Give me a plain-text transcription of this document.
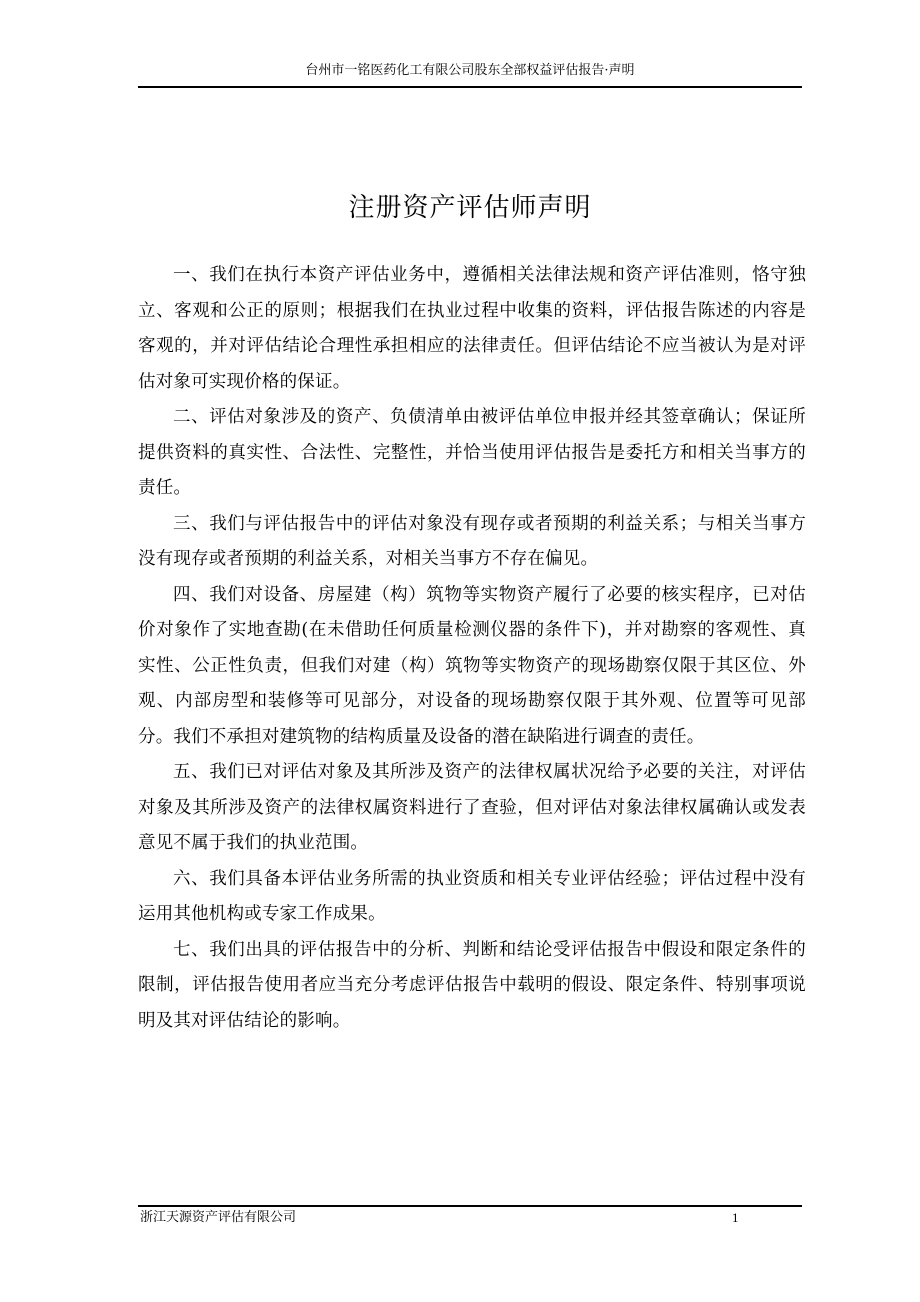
台州市一铭医药化工有限公司股东全部权益评估报告·声明
注册资产评估师声明

一、我们在执行本资产评估业务中，遵循相关法律法规和资产评估准则，恪守独立、客观和公正的原则；根据我们在执业过程中收集的资料，评估报告陈述的内容是客观的，并对评估结论合理性承担相应的法律责任。但评估结论不应当被认为是对评估对象可实现价格的保证。

二、评估对象涉及的资产、负债清单由被评估单位申报并经其签章确认；保证所提供资料的真实性、合法性、完整性，并恰当使用评估报告是委托方和相关当事方的责任。

三、我们与评估报告中的评估对象没有现存或者预期的利益关系；与相关当事方没有现存或者预期的利益关系，对相关当事方不存在偏见。

四、我们对设备、房屋建（构）筑物等实物资产履行了必要的核实程序，已对估价对象作了实地查勘(在未借助任何质量检测仪器的条件下)，并对勘察的客观性、真实性、公正性负责，但我们对建（构）筑物等实物资产的现场勘察仅限于其区位、外观、内部房型和装修等可见部分，对设备的现场勘察仅限于其外观、位置等可见部分。我们不承担对建筑物的结构质量及设备的潜在缺陷进行调查的责任。

五、我们已对评估对象及其所涉及资产的法律权属状况给予必要的关注，对评估对象及其所涉及资产的法律权属资料进行了查验，但对评估对象法律权属确认或发表意见不属于我们的执业范围。

六、我们具备本评估业务所需的执业资质和相关专业评估经验；评估过程中没有运用其他机构或专家工作成果。

七、我们出具的评估报告中的分析、判断和结论受评估报告中假设和限定条件的限制，评估报告使用者应当充分考虑评估报告中载明的假设、限定条件、特别事项说明及其对评估结论的影响。

浙江天源资产评估有限公司	1
